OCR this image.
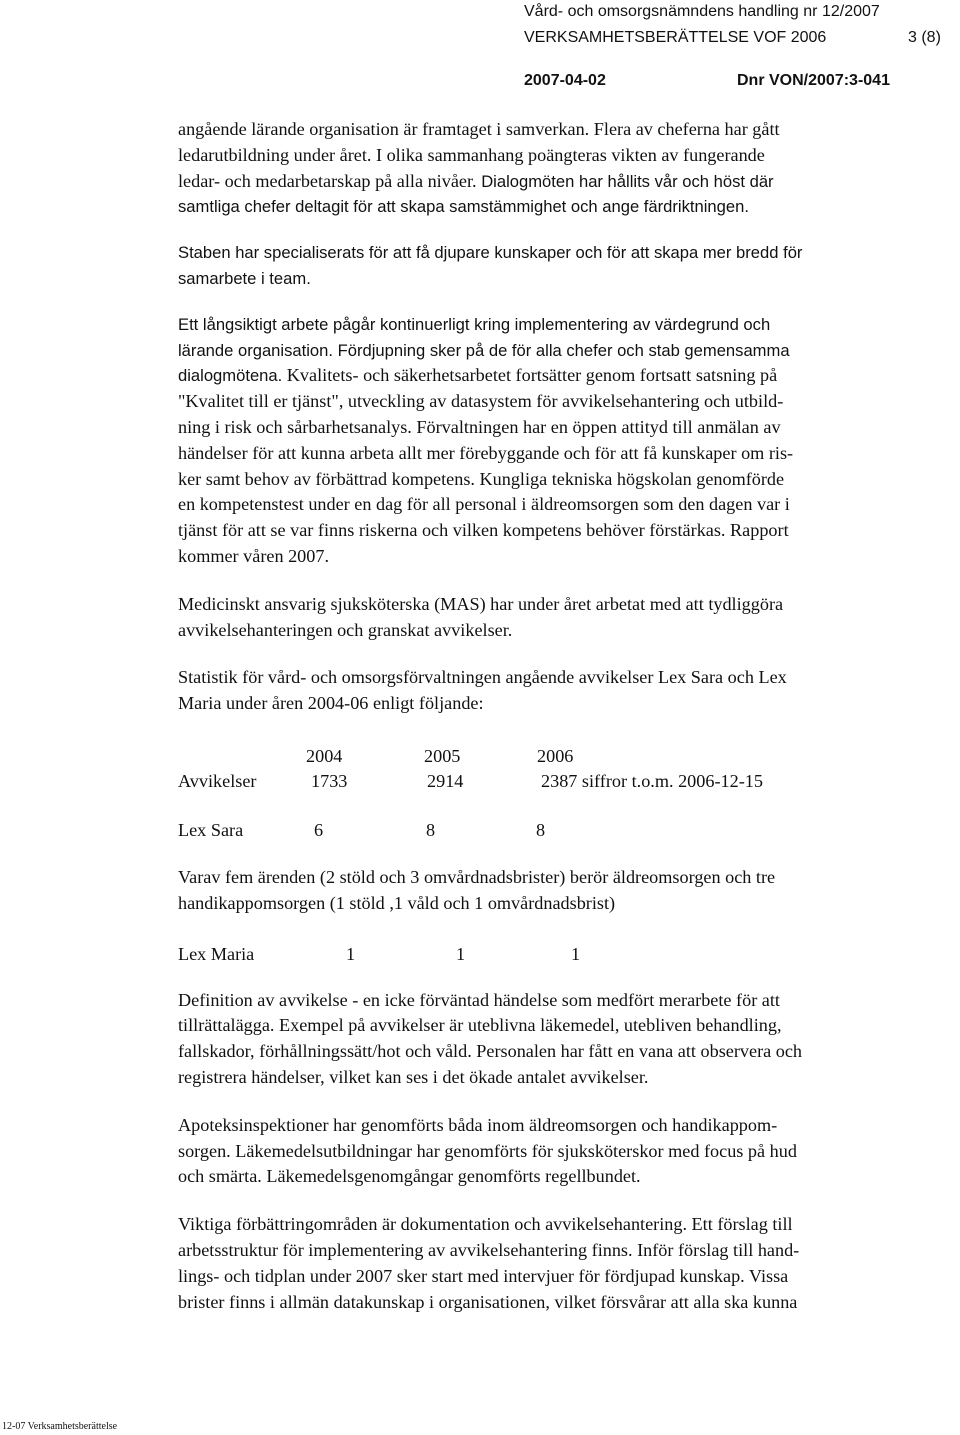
Vård- och omsorgsnämndens handling nr 12/2007
VERKSAMHETSBERÄTTELSE VOF 2006	3 (8)
2007-04-02	Dnr VON/2007:3-041

angående lärande organisation är framtaget i samverkan. Flera av cheferna har gått
ledarutbildning under året. I olika sammanhang poängteras vikten av fungerande
ledar- och medarbetarskap på alla nivåer. Dialogmöten har hållits vår och höst där
samtliga chefer deltagit för att skapa samstämmighet och ange färdriktningen.

Staben har specialiserats för att få djupare kunskaper och för att skapa mer bredd för
samarbete i team.

Ett långsiktigt arbete pågår kontinuerligt kring implementering av värdegrund och
lärande organisation. Fördjupning sker på de för alla chefer och stab gemensamma
dialogmötena. Kvalitets- och säkerhetsarbetet fortsätter genom fortsatt satsning på
"Kvalitet till er tjänst", utveckling av datasystem för avvikelsehantering och utbild-
ning i risk och sårbarhetsanalys. Förvaltningen har en öppen attityd till anmälan av
händelser för att kunna arbeta allt mer förebyggande och för att få kunskaper om ris-
ker samt behov av förbättrad kompetens. Kungliga tekniska högskolan genomförde
en kompetenstest under en dag för all personal i äldreomsorgen som den dagen var i
tjänst för att se var finns riskerna och vilken kompetens behöver förstärkas. Rapport
kommer våren 2007.

Medicinskt ansvarig sjuksköterska (MAS) har under året arbetat med att tydliggöra
avvikelsehanteringen och granskat avvikelser.

Statistik för vård- och omsorgsförvaltningen angående avvikelser Lex Sara och Lex
Maria under åren 2004-06 enligt följande:

	2004	2005	2006
Avvikelser	1733	2914	2387 siffror t.o.m. 2006-12-15
Lex Sara	6	8	8

Varav fem ärenden (2 stöld och 3 omvårdnadsbrister) berör äldreomsorgen och tre
handikappomsorgen (1 stöld ,1 våld och 1 omvårdnadsbrist)

Lex Maria	1	1	1

Definition av avvikelse - en icke förväntad händelse som medfört merarbete för att
tillrättalägga. Exempel på avvikelser är uteblivna läkemedel, utebliven behandling,
fallskador, förhållningssätt/hot och våld. Personalen har fått en vana att observera och
registrera händelser, vilket kan ses i det ökade antalet avvikelser.

Apoteksinspektioner har genomförts båda inom äldreomsorgen och handikappom-
sorgen. Läkemedelsutbildningar har genomförts för sjuksköterskor med focus på hud
och smärta. Läkemedelsgenomgångar genomförts regellbundet.

Viktiga förbättringområden är dokumentation och avvikelsehantering. Ett förslag till
arbetsstruktur för implementering av avvikelsehantering finns. Inför förslag till hand-
lings- och tidplan under 2007 sker start med intervjuer för fördjupad kunskap. Vissa
brister finns i allmän datakunskap i organisationen, vilket försvårar att alla ska kunna

12-07 Verksamhetsberättelse
